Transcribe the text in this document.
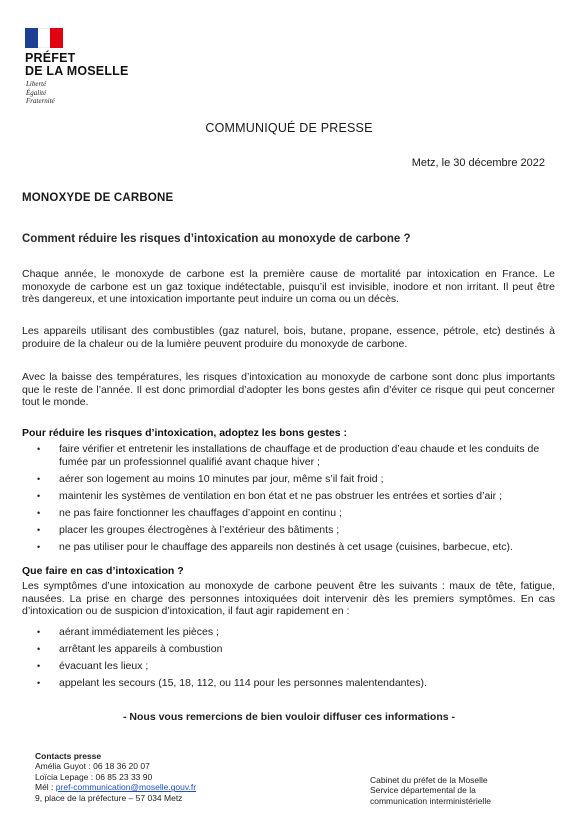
PRÉFET
DE LA MOSELLE
Liberté
Égalité
Fraternité
COMMUNIQUÉ DE PRESSE
Metz, le 30 décembre 2022
MONOXYDE DE CARBONE
Comment réduire les risques d’intoxication au monoxyde de carbone ?
Chaque année, le monoxyde de carbone est la première cause de mortalité par intoxication en France. Le monoxyde de carbone est un gaz toxique indétectable, puisqu’il est invisible, inodore et non irritant. Il peut être très dangereux, et une intoxication importante peut induire un coma ou un décès.
Les appareils utilisant des combustibles (gaz naturel, bois, butane, propane, essence, pétrole, etc) destinés à produire de la chaleur ou de la lumière peuvent produire du monoxyde de carbone.
Avec la baisse des températures, les risques d’intoxication au monoxyde de carbone sont donc plus importants que le reste de l’année. Il est donc primordial d’adopter les bons gestes afin d’éviter ce risque qui peut concerner tout le monde.
Pour réduire les risques d’intoxication, adoptez les bons gestes :
• faire vérifier et entretenir les installations de chauffage et de production d’eau chaude et les conduits de fumée par un professionnel qualifié avant chaque hiver ;
• aérer son logement au moins 10 minutes par jour, même s’il fait froid ;
• maintenir les systèmes de ventilation en bon état et ne pas obstruer les entrées et sorties d’air ;
• ne pas faire fonctionner les chauffages d’appoint en continu ;
• placer les groupes électrogènes à l’extérieur des bâtiments ;
• ne pas utiliser pour le chauffage des appareils non destinés à cet usage (cuisines, barbecue, etc).
Que faire en cas d’intoxication ?
Les symptômes d’une intoxication au monoxyde de carbone peuvent être les suivants : maux de tête, fatigue, nausées. La prise en charge des personnes intoxiquées doit intervenir dès les premiers symptômes. En cas d’intoxication ou de suspicion d’intoxication, il faut agir rapidement en :
• aérant immédiatement les pièces ;
• arrêtant les appareils à combustion
• évacuant les lieux ;
• appelant les secours (15, 18, 112, ou 114 pour les personnes malentendantes).
- Nous vous remercions de bien vouloir diffuser ces informations -
Contacts presse
Amélia Guyot : 06 18 36 20 07
Loïcia Lepage : 06 85 23 33 90
Mél : pref-communication@moselle.gouv.fr
9, place de la préfecture – 57 034 Metz
Cabinet du préfet de la Moselle
Service départemental de la
communication interministérielle
